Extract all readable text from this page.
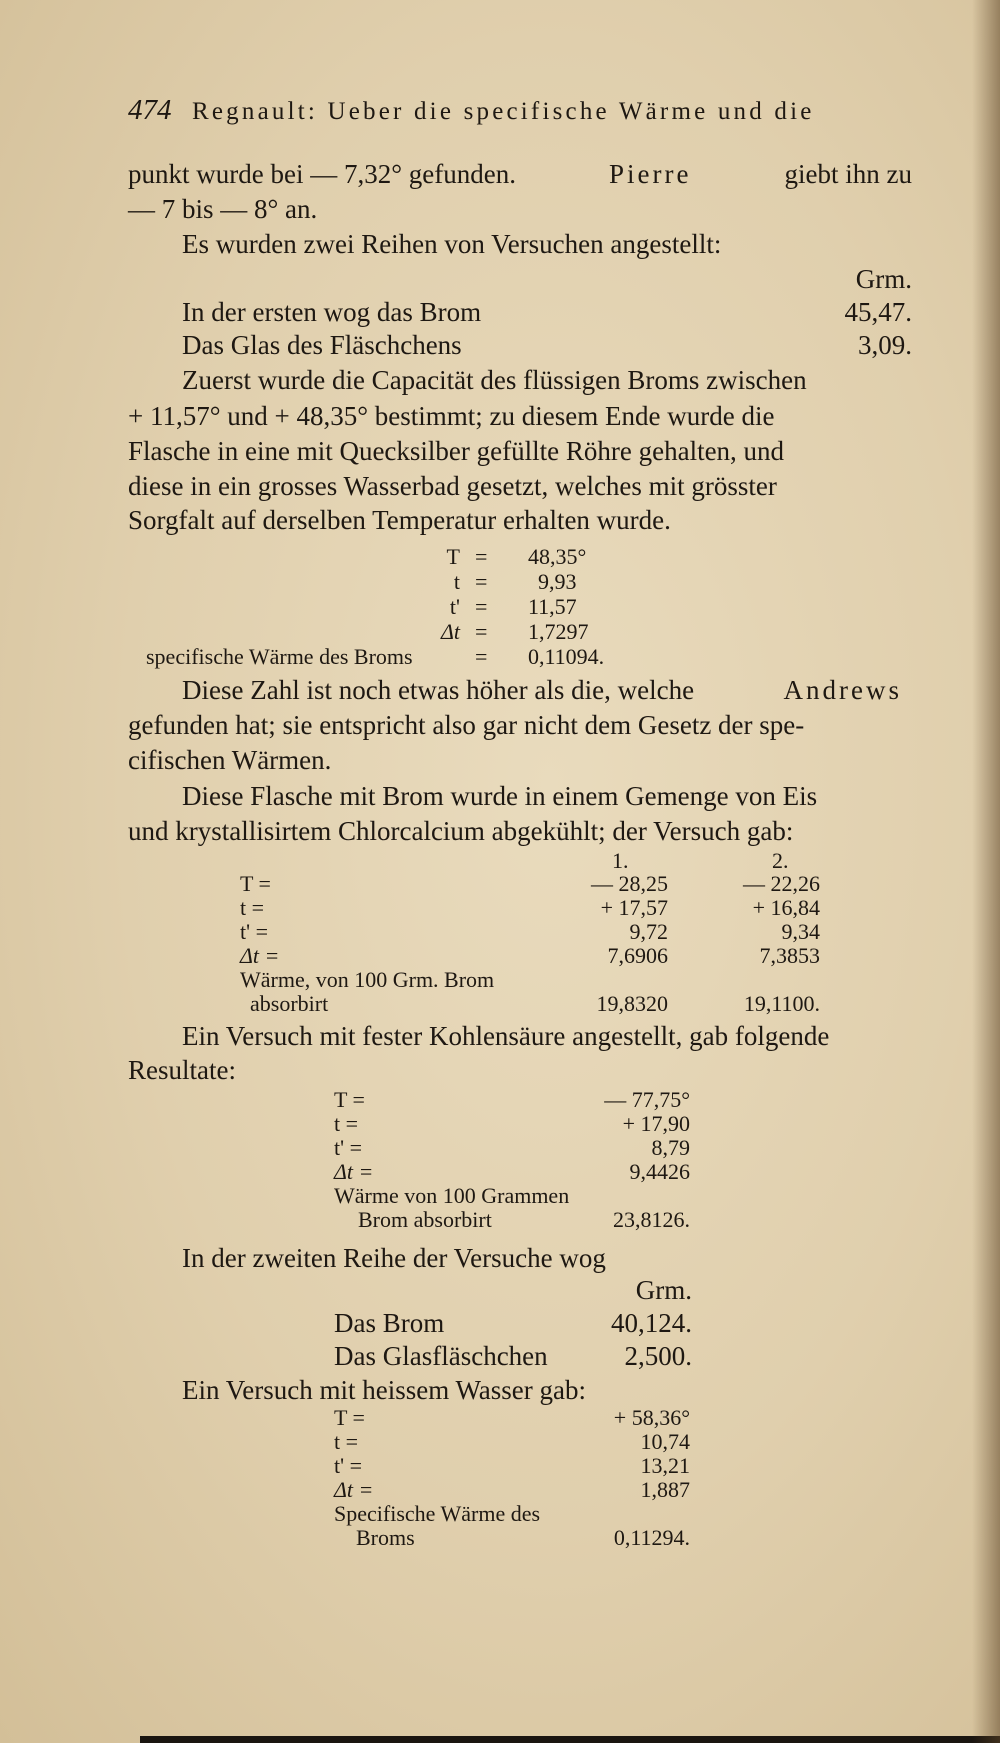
474 Regnault: Ueber die specifische Wärme und die
punkt wurde bei — 7,32° gefunden.	Pierre	giebt ihn zu
— 7 bis — 8° an.
Es wurden zwei Reihen von Versuchen angestellt:
Grm.
In der ersten wog das Brom	45,47.
Das Glas des Fläschchens	3,09.
Zuerst wurde die Capacität des flüssigen Broms zwischen
+ 11,57° und + 48,35° bestimmt; zu diesem Ende wurde die
Flasche in eine mit Quecksilber gefüllte Röhre gehalten, und
diese in ein grosses Wasserbad gesetzt, welches mit grösster
Sorgfalt auf derselben Temperatur erhalten wurde.
T = 48,35°
t = 9,93
t' = 11,57
Δt = 1,7297
specifische Wärme des Broms	= 0,11094.
Diese Zahl ist noch etwas höher als die, welche	Andrews
gefunden hat; sie entspricht also gar nicht dem Gesetz der spe-
cifischen Wärmen.
Diese Flasche mit Brom wurde in einem Gemenge von Eis
und krystallisirtem Chlorcalcium abgekühlt; der Versuch gab:
1.	2.
T =	— 28,25	— 22,26
t =	+ 17,57	+ 16,84
t' =	9,72	9,34
Δt =	7,6906	7,3853
Wärme, von 100 Grm. Brom
absorbirt	19,8320	19,1100.
Ein Versuch mit fester Kohlensäure angestellt, gab folgende
Resultate:
T =	— 77,75°
t =	+ 17,90
t' =	8,79
Δt =	9,4426
Wärme von 100 Grammen
Brom absorbirt	23,8126.
In der zweiten Reihe der Versuche wog
Grm.
Das Brom	40,124.
Das Glasfläschchen	2,500.
Ein Versuch mit heissem Wasser gab:
T =	+ 58,36°
t =	10,74
t' =	13,21
Δt =	1,887
Specifische Wärme des
Broms	0,11294.
